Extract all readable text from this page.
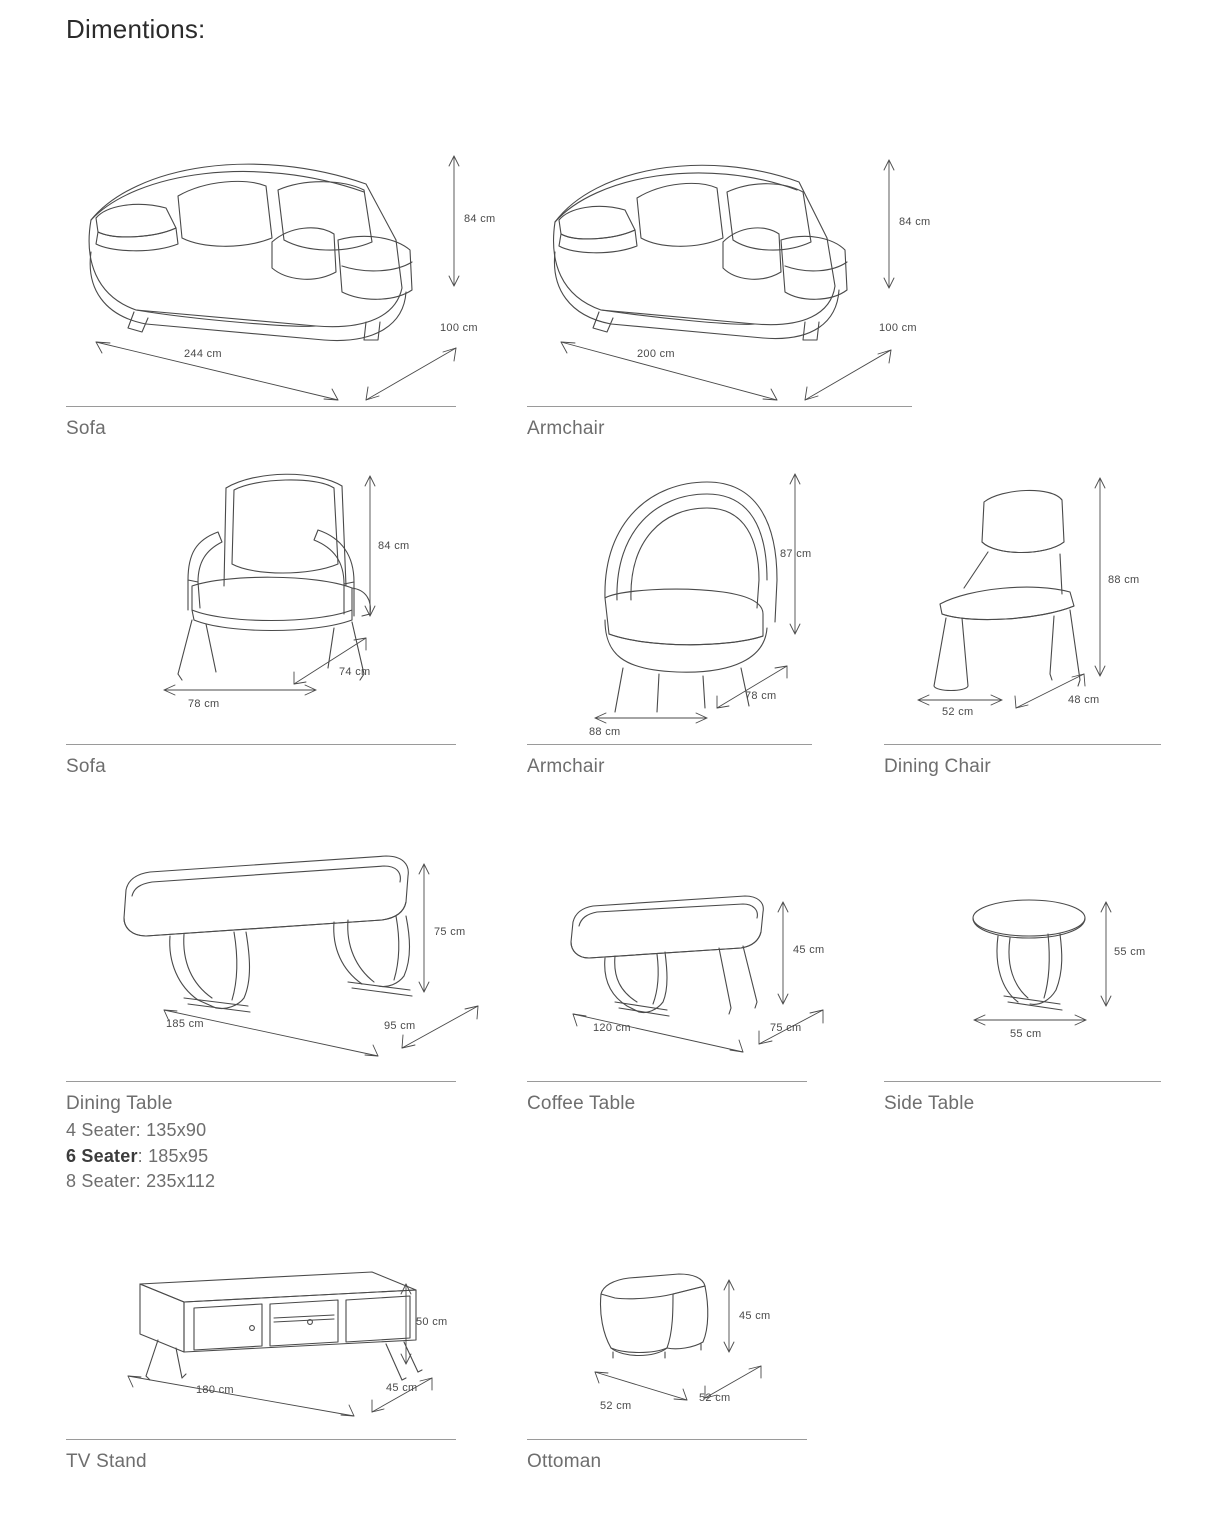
Dimentions:
244 cm
100 cm
84 cm
Sofa
200 cm
100 cm
84 cm
Armchair
78 cm
74 cm
84 cm
Sofa
88 cm
78 cm
87 cm
Armchair
52 cm
48 cm
88 cm
Dining Chair
185 cm	95 cm
75 cm
Dining Table
4 Seater: 135x90
6 Seater: 185x95
8 Seater: 235x112
120 cm	75 cm
45 cm
Coffee Table
55 cm
55 cm
Side Table
180 cm	45 cm
50 cm
TV Stand
52 cm
52 cm
45 cm
Ottoman
